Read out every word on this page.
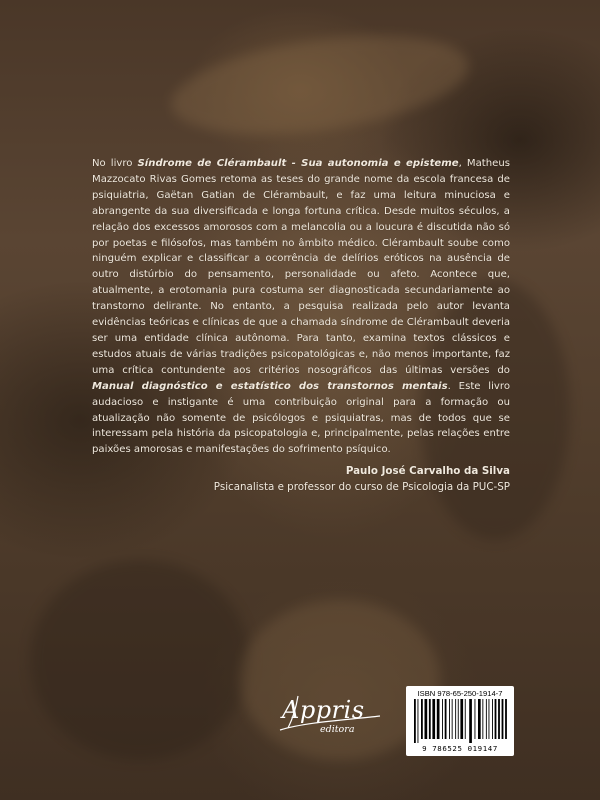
No livro Síndrome de Clérambault - Sua autonomia e episteme, Matheus Mazzocato Rivas Gomes retoma as teses do grande nome da escola francesa de psiquiatria, Gaëtan Gatian de Clérambault, e faz uma leitura minuciosa e abrangente da sua diversificada e longa fortuna crítica. Desde muitos séculos, a relação dos excessos amorosos com a melancolia ou a loucura é discutida não só por poetas e filósofos, mas também no âmbito médico. Clérambault soube como ninguém explicar e classificar a ocorrência de delírios eróticos na ausência de outro distúrbio do pensamento, personalidade ou afeto. Acontece que, atualmente, a erotomania pura costuma ser diagnosticada secundariamente ao transtorno delirante. No entanto, a pesquisa realizada pelo autor levanta evidências teóricas e clínicas de que a chamada síndrome de Clérambault deveria ser uma entidade clínica autônoma. Para tanto, examina textos clássicos e estudos atuais de várias tradições psicopatológicas e, não menos importante, faz uma crítica contundente aos critérios nosográficos das últimas versões do Manual diagnóstico e estatístico dos transtornos mentais. Este livro audacioso e instigante é uma contribuição original para a formação ou atualização não somente de psicólogos e psiquiatras, mas de todos que se interessam pela história da psicopatologia e, principalmente, pelas relações entre paixões amorosas e manifestações do sofrimento psíquico.

Paulo José Carvalho da Silva
Psicanalista e professor do curso de Psicologia da PUC-SP
Appris
editora
ISBN 978-65-250-1914-7
9 786525 019147
